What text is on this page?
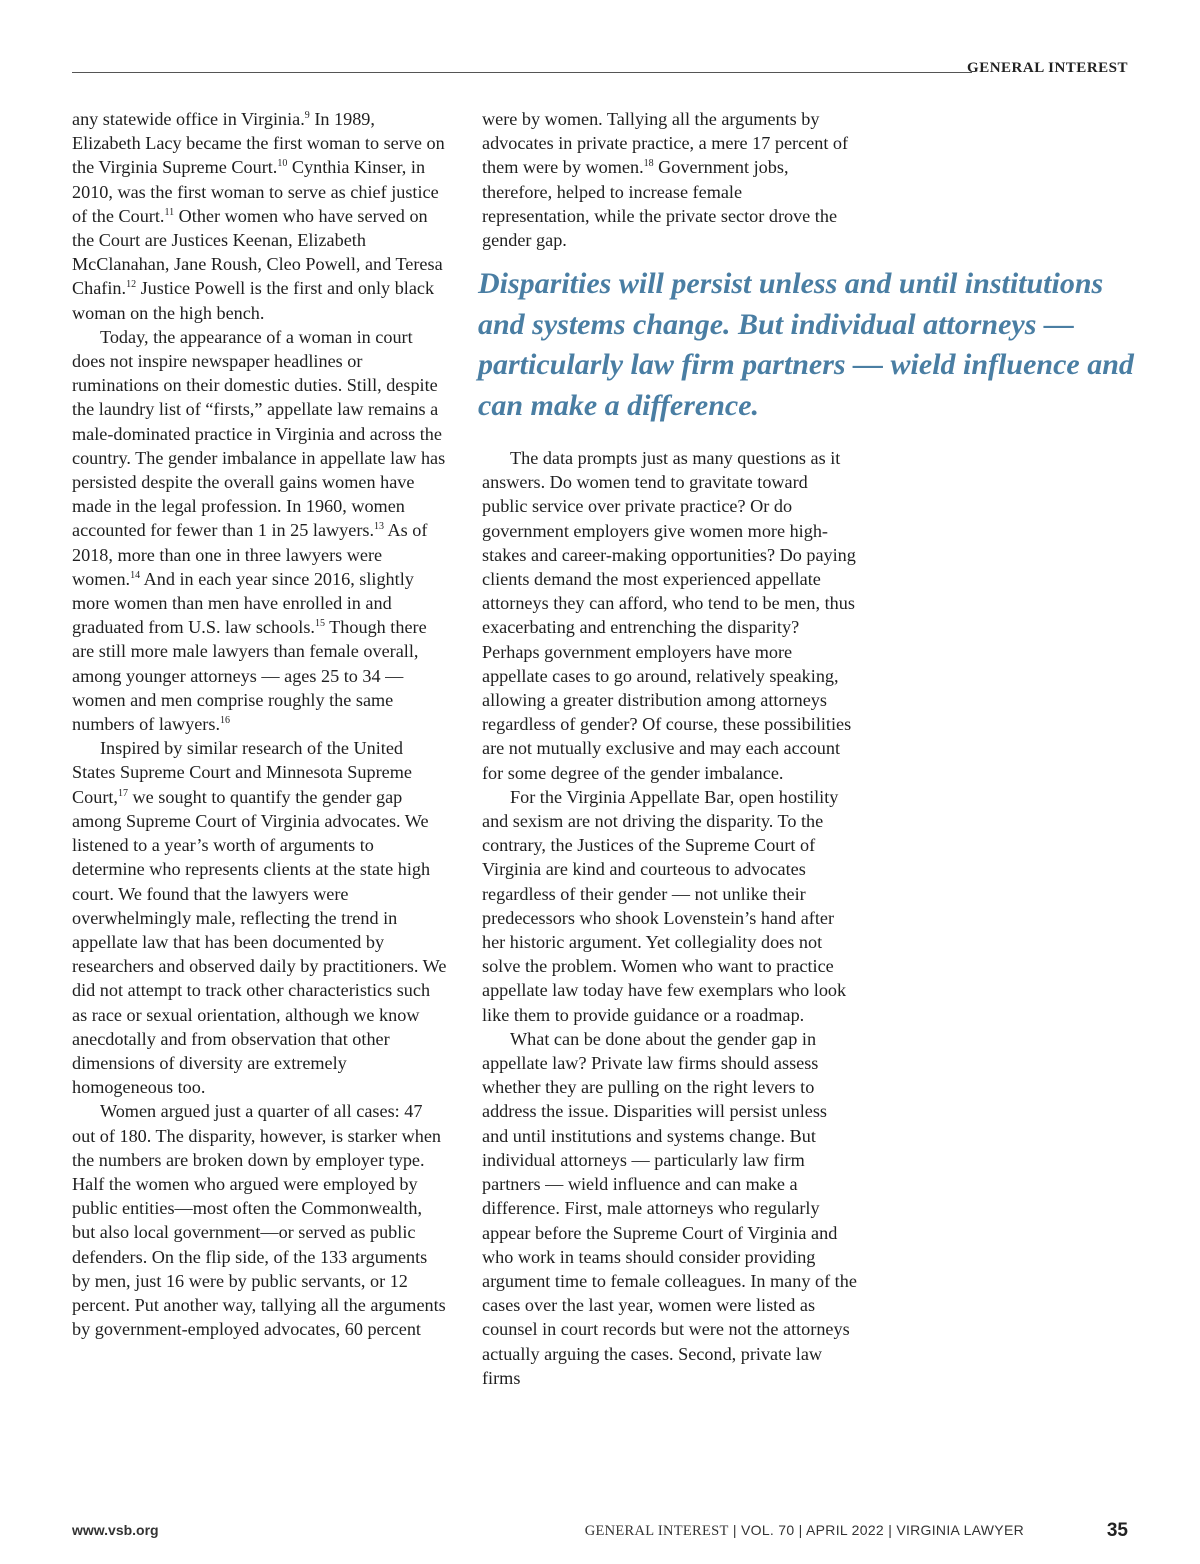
GENERAL INTEREST

any statewide office in Virginia.$^9$ In 1989, Elizabeth Lacy became the first woman to serve on the Virginia Supreme Court.$^{10}$ Cynthia Kinser, in 2010, was the first woman to serve as chief justice of the Court.$^{11}$ Other women who have served on the Court are Justices Keenan, Elizabeth McClanahan, Jane Roush, Cleo Powell, and Teresa Chafin.$^{12}$ Justice Powell is the first and only black woman on the high bench.

Today, the appearance of a woman in court does not inspire newspaper headlines or ruminations on their domestic duties. Still, despite the laundry list of “firsts,” appellate law remains a male-dominated practice in Virginia and across the country. The gender imbalance in appellate law has persisted despite the overall gains women have made in the legal profession. In 1960, women accounted for fewer than 1 in 25 lawyers.$^{13}$ As of 2018, more than one in three lawyers were women.$^{14}$ And in each year since 2016, slightly more women than men have enrolled in and graduated from U.S. law schools.$^{15}$ Though there are still more male lawyers than female overall, among younger attorneys — ages 25 to 34 — women and men comprise roughly the same numbers of lawyers.$^{16}$

Inspired by similar research of the United States Supreme Court and Minnesota Supreme Court,$^{17}$ we sought to quantify the gender gap among Supreme Court of Virginia advocates. We listened to a year’s worth of arguments to determine who represents clients at the state high court. We found that the lawyers were overwhelmingly male, reflecting the trend in appellate law that has been documented by researchers and observed daily by practitioners. We did not attempt to track other characteristics such as race or sexual orientation, although we know anecdotally and from observation that other dimensions of diversity are extremely homogeneous too.

Women argued just a quarter of all cases: 47 out of 180. The disparity, however, is starker when the numbers are broken down by employer type. Half the women who argued were employed by public entities—most often the Commonwealth, but also local government—or served as public defenders. On the flip side, of the 133 arguments by men, just 16 were by public servants, or 12 percent. Put another way, tallying all the arguments by government-employed advocates, 60 percent

were by women. Tallying all the arguments by advocates in private practice, a mere 17 percent of them were by women.$^{18}$ Government jobs, therefore, helped to increase female representation, while the private sector drove the gender gap.

Disparities will persist unless and until institutions and systems change. But individual attorneys — particularly law firm partners — wield influence and can make a difference.

The data prompts just as many questions as it answers. Do women tend to gravitate toward public service over private practice? Or do government employers give women more high-stakes and career-making opportunities? Do paying clients demand the most experienced appellate attorneys they can afford, who tend to be men, thus exacerbating and entrenching the disparity? Perhaps government employers have more appellate cases to go around, relatively speaking, allowing a greater distribution among attorneys regardless of gender? Of course, these possibilities are not mutually exclusive and may each account for some degree of the gender imbalance.

For the Virginia Appellate Bar, open hostility and sexism are not driving the disparity. To the contrary, the Justices of the Supreme Court of Virginia are kind and courteous to advocates regardless of their gender — not unlike their predecessors who shook Lovenstein’s hand after her historic argument. Yet collegiality does not solve the problem. Women who want to practice appellate law today have few exemplars who look like them to provide guidance or a roadmap.

What can be done about the gender gap in appellate law? Private law firms should assess whether they are pulling on the right levers to address the issue. Disparities will persist unless and until institutions and systems change. But individual attorneys — particularly law firm partners — wield influence and can make a difference. First, male attorneys who regularly appear before the Supreme Court of Virginia and who work in teams should consider providing argument time to female colleagues. In many of the cases over the last year, women were listed as counsel in court records but were not the attorneys actually arguing the cases. Second, private law firms

www.vsb.org	GENERAL INTEREST | VOL. 70 | APRIL 2022 | VIRGINIA LAWYER	35
